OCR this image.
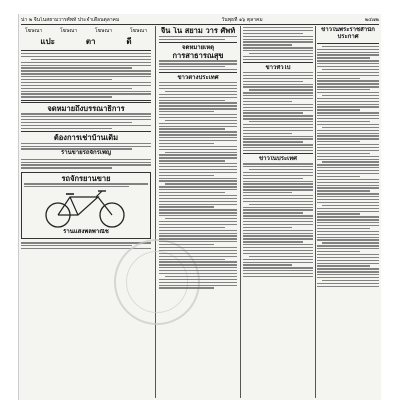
น่า ๒ จีนโนสยามวารศัพท์ ประจำเดือนตุลาคม	วันพุธที่ ๑๖ ตุลาคม	๒๔๗๒
โฆษณา	โฆษณา	โฆษณา	โฆษณา
แปะ	ตา	ดี
จดหมายถึงบรรณาธิการ
ต้องการเช่าบ้านเดิม
ร้านขายรถจักรเพ็ญ
รถจักรยานขาย
ร้านแสงพลพาณิช
จีน โน สยาม วาร ศัพท์
จดหมายเหตุ
การสาธารณสุข
ข่าวต่างประเทศ
ข่าวทั่วไป
ข่าวในประเทศ
ข่าวในพระราชสำนัก
ประกาศ
